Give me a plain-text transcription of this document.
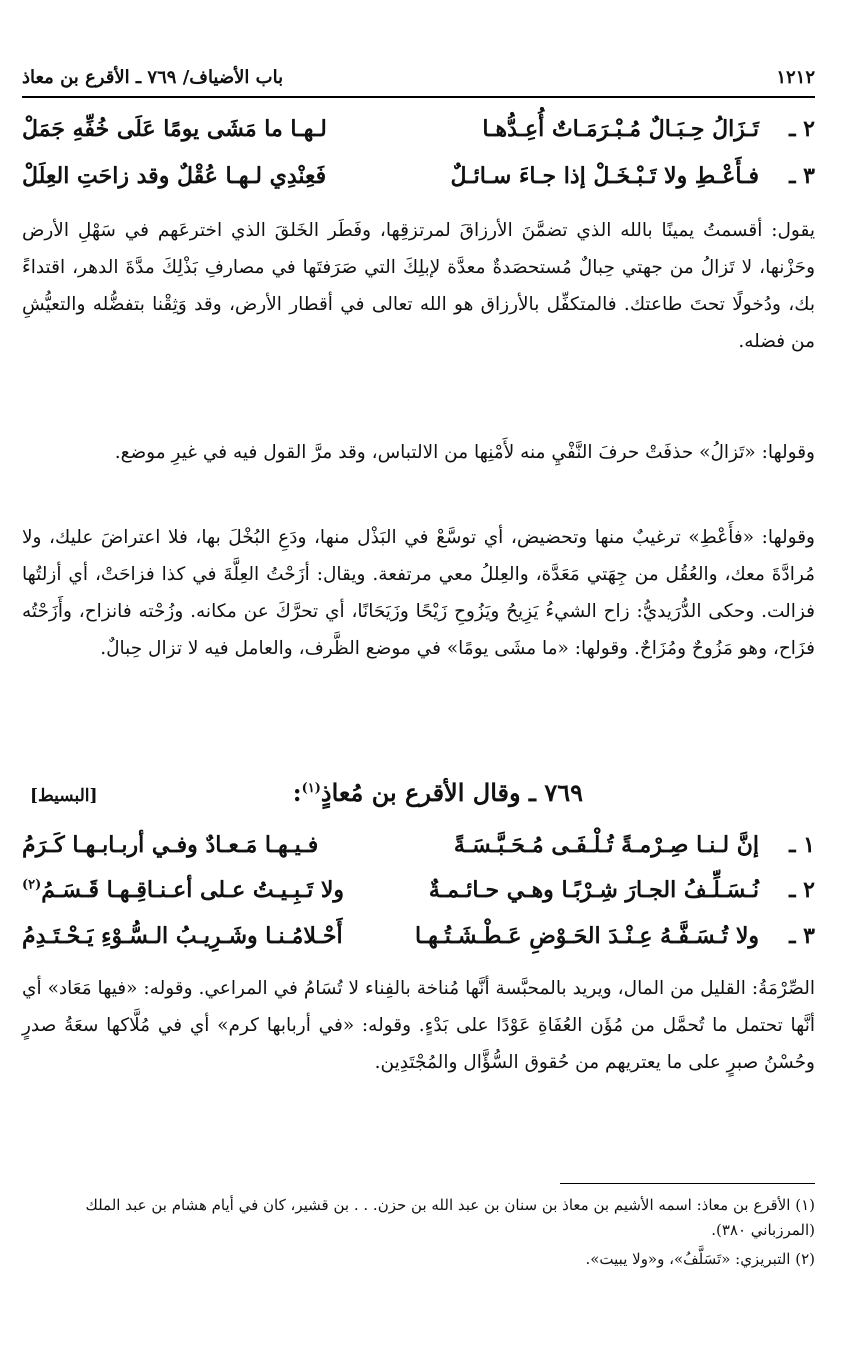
١٢١٢
باب الأضياف/ ٧٦٩ ـ الأقرع بن معاذ
٢ ـ
تَـزَالُ حِـبَـالٌ مُـبْـرَمَـاتٌ أُعِـدُّهـا
لـهـا ما مَشَى يومًا عَلَى خُفِّهِ جَمَلْ
٣ ـ
فـأَعْـطِ ولا تَـبْـخَـلْ إذا جـاءَ سـائـلٌ
فَعِنْدِي لـهـا عُقْلٌ وقد زاحَتِ العِلَلْ
يقول: أقسمتُ يمينًا بالله الذي تضمَّنَ الأرزاقَ لمرتزقِها، وفَطَر الخَلقَ الذي اخترعَهم في سَهْلِ الأرض وحَزْنها، لا تَزالُ من جهتي حِبالٌ مُستحصَدةٌ معدَّة لإبلِكَ التي صَرَفتَها في مصارفِ بَذْلِكَ مدَّةَ الدهر، اقتداءً بك، ودُخولًا تحتَ طاعتك. فالمتكفِّل بالأرزاق هو الله تعالى في أقطار الأرض، وقد وَثِقْنا بتفضُّله والتعيُّشِ من فضله.
وقولها: «تَزالُ» حذفَتْ حرفَ النَّفْيِ منه لأَمْنِها من الالتباس، وقد مرَّ القول فيه في غيرِ موضع.
وقولها: «فأَعْطِ» ترغيبٌ منها وتحضيض، أي توسَّعْ في البَذْل منها، ودَعِ البُخْلَ بها، فلا اعتراضَ عليك، ولا مُرادَّةَ معك، والعُقُل من جِهَتي مَعَدَّة، والعِللُ معي مرتفعة. ويقال: أزَحْتُ العِلَّةَ في كذا فزاحَتْ، أي أزلتُها فزالت. وحكى الدُّرَيديُّ: زاح الشيءُ يَزِيحُ ويَزُوحِ زَيْحًا وزَيَحَانًا، أي تحرَّكَ عن مكانه. وزُحْته فانزاح، وأَزَحْتُه فزَاح، وهو مَزُوحٌ ومُزَاحٌ. وقولها: «ما مشَى يومًا» في موضع الظَّرف، والعامل فيه لا تزال حِبالٌ.
٧٦٩ ـ وقال الأقرع بن مُعاذٍ$^{(١)}$:
[البسيط]
١ ـ
إنَّ لـنـا صِـرْمـةً تُـلْـفَـى مُـحَـبَّـسَـةً
فـيـهـا مَـعـادٌ وفـي أربـابـهـا كَـرَمُ
٢ ـ
نُـسَـلِّـفُ الجـارَ شِـرْبًـا وهـي حـائـمـةٌ
ولا تَـبِـيـتُ عـلى أعـنـاقِـهـا قَـسَـمُ$^{(٢)}$
٣ ـ
ولا تُـسَـفَّـهُ عِـنْـدَ الحَـوْضِ عَـطْـشَـتُـهـا
أَحْـلامُـنـا وشَـرِيـبُ الـسُّـوْءِ يَـحْـتَـدِمُ
الصِّرْمَةُ: القليل من المال، ويريد بالمحبَّسة أنَّها مُناخة بالفِناء لا تُسَامُ في المراعي. وقوله: «فيها مَعَاد» أي أنَّها تحتمل ما تُحمَّل من مُؤَن العُفَاةِ عَوْدًا على بَدْءٍ. وقوله: «في أربابها كرم» أي في مُلَّاكها سعَةُ صدرٍ وحُسْنُ صبرٍ على ما يعتريهم من حُقوق السُّؤَّال والمُجْتَدِين.
(١) الأقرع بن معاذ: اسمه الأشيم بن معاذ بن سنان بن عبد الله بن حزن. . . بن قشير، كان في أيام هشام بن عبد الملك (المرزباني ٣٨٠).
(٢) التبريزي: «تَسَلَّفُ»، و«ولا يبيت».
